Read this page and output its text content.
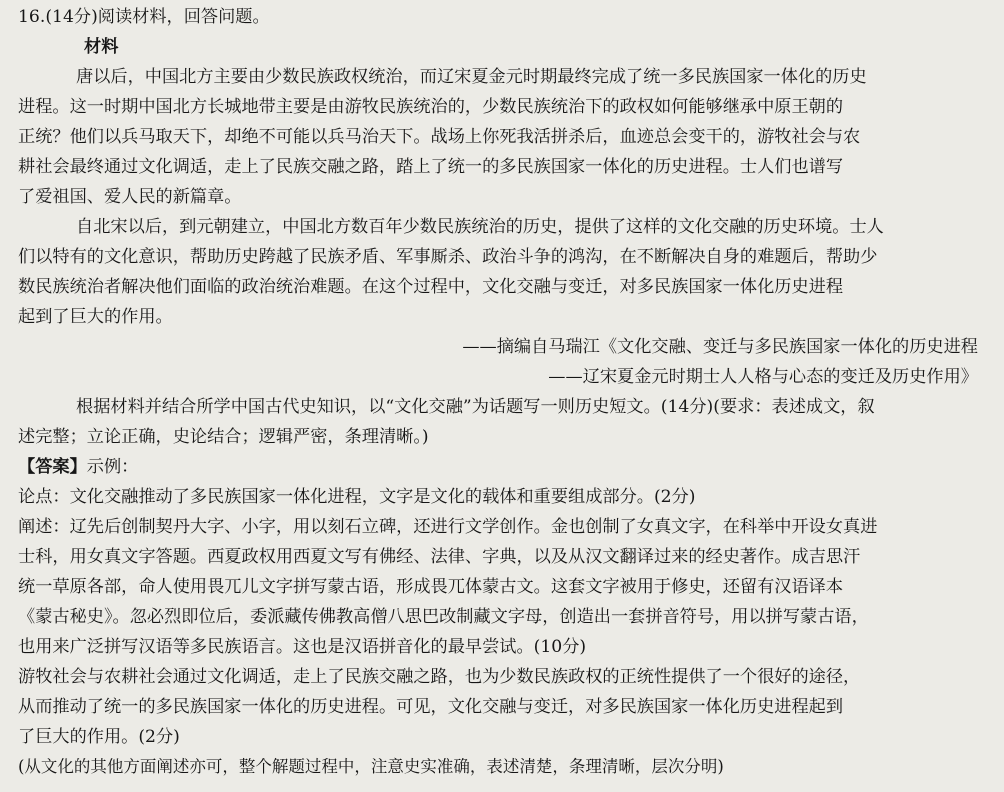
16.(14分)阅读材料，回答问题。
材料
唐以后，中国北方主要由少数民族政权统治，而辽宋夏金元时期最终完成了统一多民族国家一体化的历史
进程。这一时期中国北方长城地带主要是由游牧民族统治的，少数民族统治下的政权如何能够继承中原王朝的
正统？他们以兵马取天下，却绝不可能以兵马治天下。战场上你死我活拼杀后，血迹总会变干的，游牧社会与农
耕社会最终通过文化调适，走上了民族交融之路，踏上了统一的多民族国家一体化的历史进程。士人们也谱写
了爱祖国、爱人民的新篇章。
自北宋以后，到元朝建立，中国北方数百年少数民族统治的历史，提供了这样的文化交融的历史环境。士人
们以特有的文化意识，帮助历史跨越了民族矛盾、军事厮杀、政治斗争的鸿沟，在不断解决自身的难题后，帮助少
数民族统治者解决他们面临的政治统治难题。在这个过程中，文化交融与变迁，对多民族国家一体化历史进程
起到了巨大的作用。
——摘编自马瑞江《文化交融、变迁与多民族国家一体化的历史进程
——辽宋夏金元时期士人人格与心态的变迁及历史作用》
根据材料并结合所学中国古代史知识，以“文化交融”为话题写一则历史短文。(14分)(要求：表述成文，叙
述完整；立论正确，史论结合；逻辑严密，条理清晰。)
【答案】示例：
论点：文化交融推动了多民族国家一体化进程，文字是文化的载体和重要组成部分。(2分)
阐述：辽先后创制契丹大字、小字，用以刻石立碑，还进行文学创作。金也创制了女真文字，在科举中开设女真进
士科，用女真文字答题。西夏政权用西夏文写有佛经、法律、字典，以及从汉文翻译过来的经史著作。成吉思汗
统一草原各部，命人使用畏兀儿文字拼写蒙古语，形成畏兀体蒙古文。这套文字被用于修史，还留有汉语译本
《蒙古秘史》。忽必烈即位后，委派藏传佛教高僧八思巴改制藏文字母，创造出一套拼音符号，用以拼写蒙古语，
也用来广泛拼写汉语等多民族语言。这也是汉语拼音化的最早尝试。(10分)
游牧社会与农耕社会通过文化调适，走上了民族交融之路，也为少数民族政权的正统性提供了一个很好的途径，
从而推动了统一的多民族国家一体化的历史进程。可见，文化交融与变迁，对多民族国家一体化历史进程起到
了巨大的作用。(2分)
(从文化的其他方面阐述亦可，整个解题过程中，注意史实准确，表述清楚，条理清晰，层次分明)
